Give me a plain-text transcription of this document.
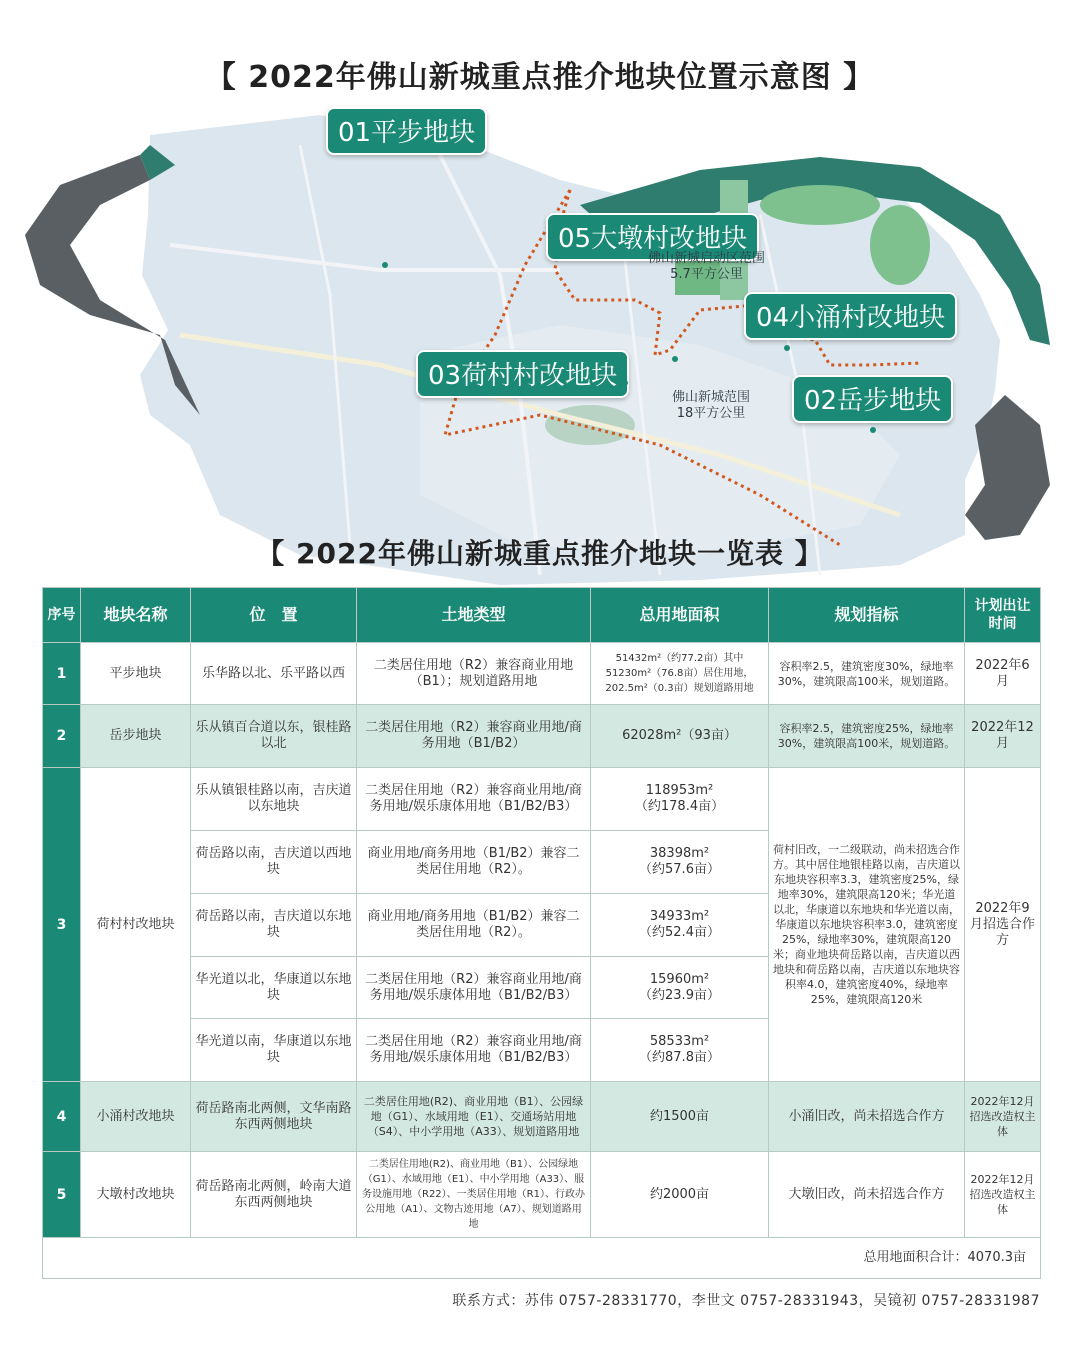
【 2022年佛山新城重点推介地块位置示意图 】
01平步地块
05大墩村改地块
03荷村村改地块
04小涌村改地块
02岳步地块
佛山新城启动区范围
5.7平方公里
佛山新城范围
18平方公里
【 2022年佛山新城重点推介地块一览表 】
序号	地块名称	位　置	土地类型	总用地面积	规划指标	计划出让时间
1	平步地块	乐华路以北、乐平路以西	二类居住用地（R2）兼容商业用地（B1）；规划道路用地	51432m²（约77.2亩）其中51230m²（76.8亩）居住用地，202.5m²（0.3亩）规划道路用地	容积率2.5，建筑密度30%，绿地率30%，建筑限高100米，规划道路。	2022年6月
2	岳步地块	乐从镇百合道以东，银桂路以北	二类居住用地（R2）兼容商业用地/商务用地（B1/B2）	62028m²（93亩）	容积率2.5，建筑密度25%，绿地率30%，建筑限高100米，规划道路。	2022年12月
3	荷村村改地块	乐从镇银桂路以南，吉庆道以东地块	二类居住用地（R2）兼容商业用地/商务用地/娱乐康体用地（B1/B2/B3）	118953m²
（约178.4亩）	荷村旧改，一二级联动，尚未招选合作方。其中居住地银桂路以南，吉庆道以东地块容积率3.3，建筑密度25%，绿地率30%，建筑限高120米；华光道以北，华康道以东地块和华光道以南，华康道以东地块容积率3.0，建筑密度25%，绿地率30%，建筑限高120米；商业地块荷岳路以南，吉庆道以西地块和荷岳路以南，吉庆道以东地块容积率4.0，建筑密度40%，绿地率25%，建筑限高120米	2022年9月招选合作方
		荷岳路以南，吉庆道以西地块	商业用地/商务用地（B1/B2）兼容二类居住用地（R2）。	38398m²
（约57.6亩）		

		荷岳路以南，吉庆道以东地块	商业用地/商务用地（B1/B2）兼容二类居住用地（R2）。	34933m²
（约52.4亩）		

		华光道以北，华康道以东地块	二类居住用地（R2）兼容商业用地/商务用地/娱乐康体用地（B1/B2/B3）	15960m²
（约23.9亩）		

		华光道以南，华康道以东地块	二类居住用地（R2）兼容商业用地/商务用地/娱乐康体用地（B1/B2/B3）	58533m²
（约87.8亩）		

4	小涌村改地块	荷岳路南北两侧，文华南路东西两侧地块	二类居住用地(R2)、商业用地（B1）、公园绿地（G1）、水域用地（E1）、交通场站用地（S4）、中小学用地（A33）、规划道路用地	约1500亩	小涌旧改，尚未招选合作方	2022年12月招选改造权主体
5	大墩村改地块	荷岳路南北两侧，岭南大道东西两侧地块	二类居住用地(R2)、商业用地（B1）、公园绿地（G1）、水域用地（E1）、中小学用地（A33）、服务设施用地（R22）、一类居住用地（R1）、行政办公用地（A1）、文物古迹用地（A7）、规划道路用地	约2000亩	大墩旧改，尚未招选合作方	2022年12月招选改造权主体
总用地面积合计：4070.3亩						
联系方式：苏伟 0757-28331770，李世文 0757-28331943，吴镜初 0757-28331987
